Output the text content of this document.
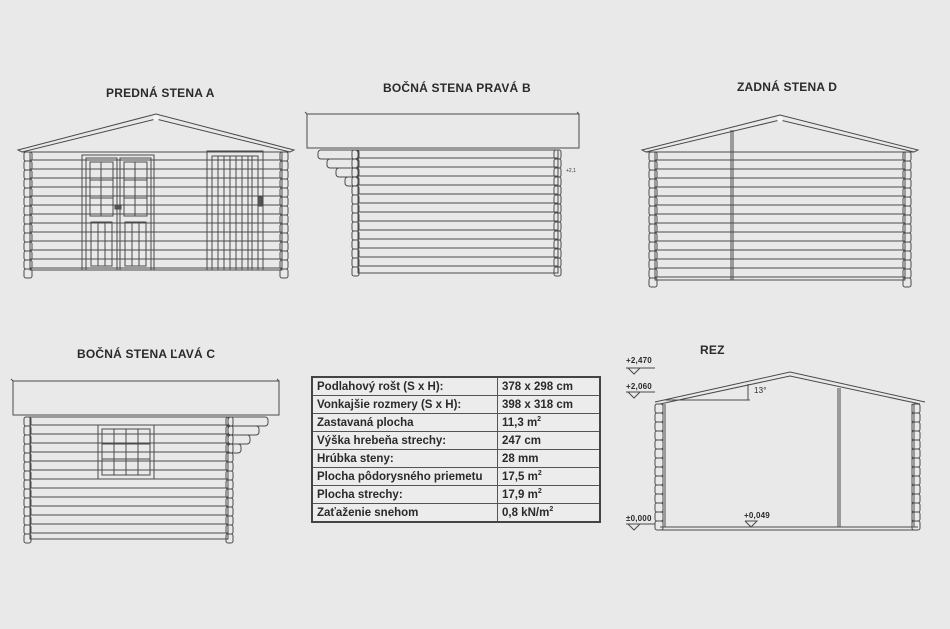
PREDNÁ STENA A	BOČNÁ STENA PRAVÁ B	ZADNÁ STENA D
BOČNÁ STENA ĽAVÁ C	REZ
+2,1
+2,470
+2,060
±0,000	+0,049
13°
Podlahový rošt (S x H):	378 x 298 cm
Vonkajšie rozmery (S x H):	398 x 318 cm
Zastavaná plocha	11,3 $m^2$
Výška hrebeňa strechy:	247 cm
Hrúbka steny:	28 mm
Plocha pôdorysného priemetu	17,5 $m^2$
Plocha strechy:	17,9 $m^2$
Zaťaženie snehom	0,8 $kN/m^2$
